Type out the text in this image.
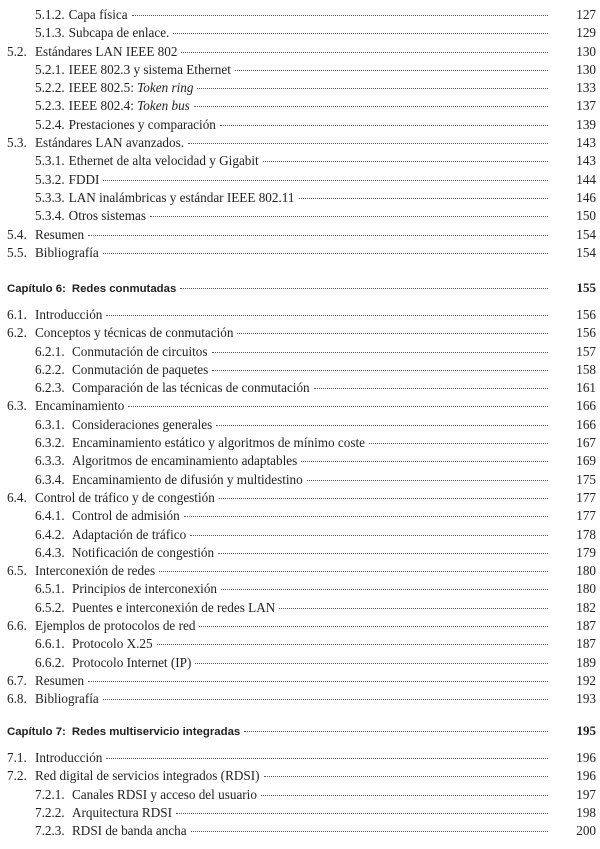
5.1.2. Capa física	127
5.1.3. Subcapa de enlace.	129
5.2. Estándares LAN IEEE 802	130
5.2.1. IEEE 802.3 y sistema Ethernet	130
5.2.2. IEEE 802.5: Token ring	133
5.2.3. IEEE 802.4: Token bus	137
5.2.4. Prestaciones y comparación	139
5.3. Estándares LAN avanzados.	143
5.3.1. Ethernet de alta velocidad y Gigabit	143
5.3.2. FDDI	144
5.3.3. LAN inalámbricas y estándar IEEE 802.11	146
5.3.4. Otros sistemas	150
5.4. Resumen	154
5.5. Bibliografía	154
Capítulo 6: Redes conmutadas	155
6.1. Introducción	156
6.2. Conceptos y técnicas de conmutación	156
6.2.1. Conmutación de circuitos	157
6.2.2. Conmutación de paquetes	158
6.2.3. Comparación de las técnicas de conmutación	161
6.3. Encaminamiento	166
6.3.1. Consideraciones generales	166
6.3.2. Encaminamiento estático y algoritmos de mínimo coste	167
6.3.3. Algoritmos de encaminamiento adaptables	169
6.3.4. Encaminamiento de difusión y multidestino	175
6.4. Control de tráfico y de congestión	177
6.4.1. Control de admisión	177
6.4.2. Adaptación de tráfico	178
6.4.3. Notificación de congestión	179
6.5. Interconexión de redes	180
6.5.1. Principios de interconexión	180
6.5.2. Puentes e interconexión de redes LAN	182
6.6. Ejemplos de protocolos de red	187
6.6.1. Protocolo X.25	187
6.6.2. Protocolo Internet (IP)	189
6.7. Resumen	192
6.8. Bibliografía	193
Capítulo 7: Redes multiservicio integradas	195
7.1. Introducción	196
7.2. Red digital de servicios integrados (RDSI)	196
7.2.1. Canales RDSI y acceso del usuario	197
7.2.2. Arquitectura RDSI	198
7.2.3. RDSI de banda ancha	200
